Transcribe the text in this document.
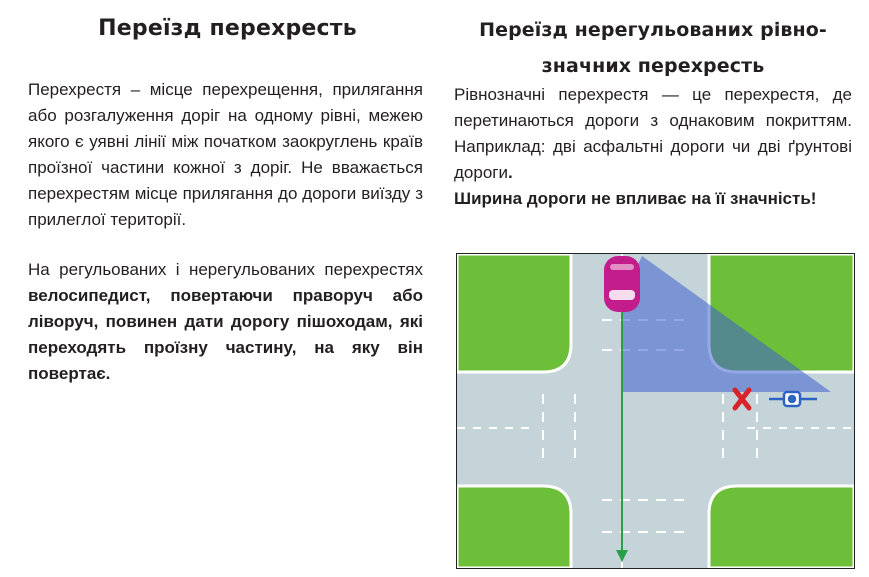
Переїзд перехресть

Перехрестя – місце перехрещення, прилягання або розгалуження доріг на одному рівні, межею якого є уявні лінії між початком заокруглень країв проїзної частини кожної з доріг. Не вважається перехрестям місце прилягання до дороги виїзду з прилеглої території.

На регульованих і нерегульованих перехрестях велосипедист, повертаючи праворуч або ліворуч, повинен дати дорогу пішоходам, які переходять проїзну частину, на яку він повертає.

Переїзд нерегульованих рівно-
значних перехресть

Рівнозначні перехрестя — це перехрестя, де перетинаються дороги з однаковим покриттям. Наприклад: дві асфальтні дороги чи дві ґрунтові дороги.

Ширина дороги не впливає на її значність!
